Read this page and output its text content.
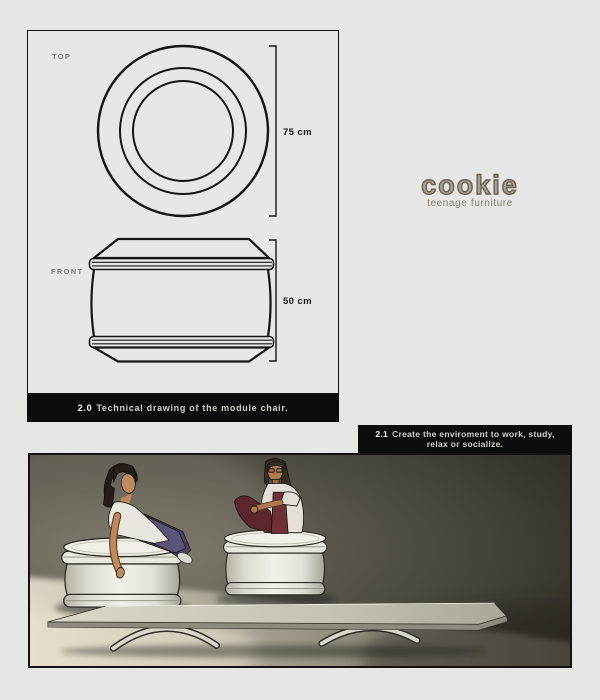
TOP
75 cm
FRONT
50 cm
2.0 Technical drawing of the module chair.
cookie
teenage furniture
2.1 Create the enviroment to work, study,
relax or socialize.
